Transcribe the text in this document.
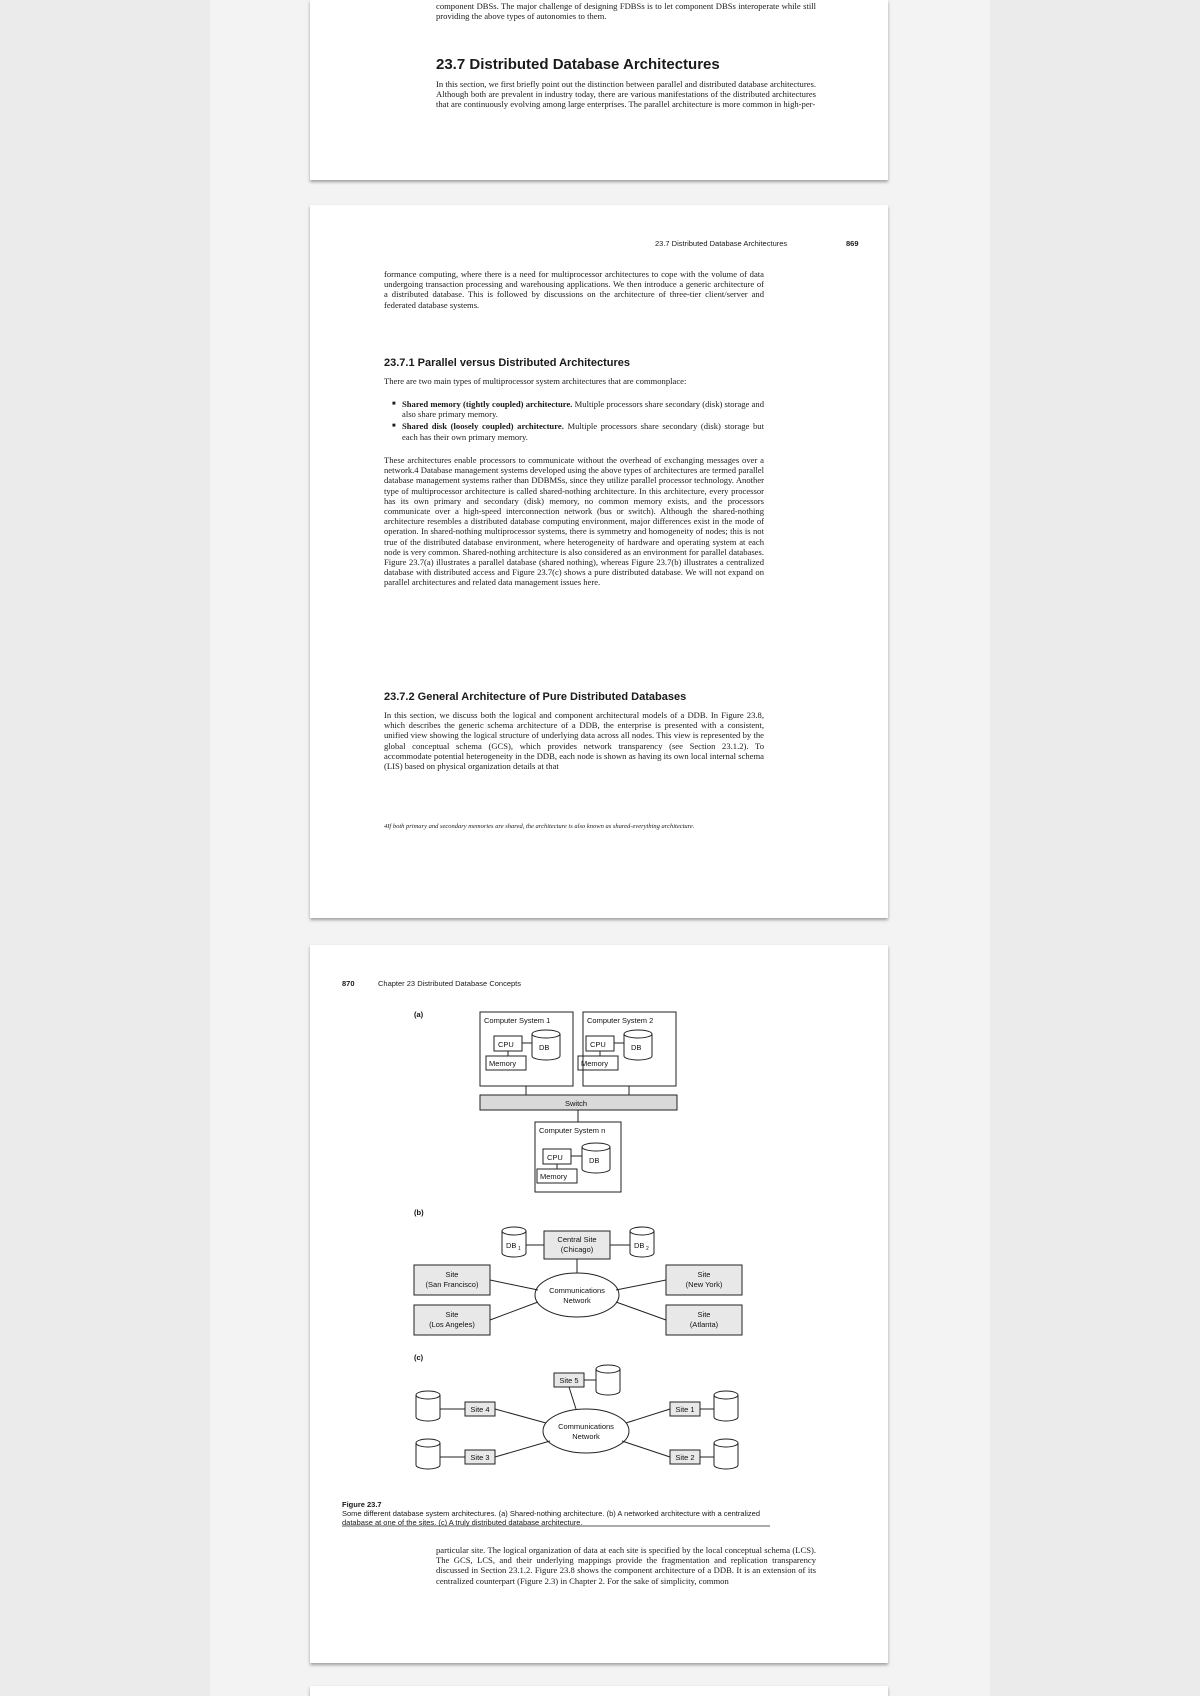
component DBSs. The major challenge of designing FDBSs is to let component DBSs interoperate while still providing the above types of autonomies to them.
23.7 Distributed Database Architectures
In this section, we first briefly point out the distinction between parallel and distributed database architectures. Although both are prevalent in industry today, there are various manifestations of the distributed architectures that are continuously evolving among large enterprises. The parallel architecture is more common in high-per-
23.7 Distributed Database Architectures	869
formance computing, where there is a need for multiprocessor architectures to cope with the volume of data undergoing transaction processing and warehousing applications. We then introduce a generic architecture of a distributed database. This is followed by discussions on the architecture of three-tier client/server and federated database systems.
23.7.1 Parallel versus Distributed Architectures
There are two main types of multiprocessor system architectures that are commonplace:
■ Shared memory (tightly coupled) architecture. Multiple processors share secondary (disk) storage and also share primary memory.
■ Shared disk (loosely coupled) architecture. Multiple processors share secondary (disk) storage but each has their own primary memory.
These architectures enable processors to communicate without the overhead of exchanging messages over a network.4 Database management systems developed using the above types of architectures are termed parallel database management systems rather than DDBMSs, since they utilize parallel processor technology. Another type of multiprocessor architecture is called shared-nothing architecture. In this architecture, every processor has its own primary and secondary (disk) memory, no common memory exists, and the processors communicate over a high-speed interconnection network (bus or switch). Although the shared-nothing architecture resembles a distributed database computing environment, major differences exist in the mode of operation. In shared-nothing multiprocessor systems, there is symmetry and homogeneity of nodes; this is not true of the distributed database environment, where heterogeneity of hardware and operating system at each node is very common. Shared-nothing architecture is also considered as an environment for parallel databases. Figure 23.7(a) illustrates a parallel database (shared nothing), whereas Figure 23.7(b) illustrates a centralized database with distributed access and Figure 23.7(c) shows a pure distributed database. We will not expand on parallel architectures and related data management issues here.
23.7.2 General Architecture of Pure Distributed Databases
In this section, we discuss both the logical and component architectural models of a DDB. In Figure 23.8, which describes the generic schema architecture of a DDB, the enterprise is presented with a consistent, unified view showing the logical structure of underlying data across all nodes. This view is represented by the global conceptual schema (GCS), which provides network transparency (see Section 23.1.2). To accommodate potential heterogeneity in the DDB, each node is shown as having its own local internal schema (LIS) based on physical organization details at that
4If both primary and secondary memories are shared, the architecture is also known as shared-everything architecture.
870	Chapter 23 Distributed Database Concepts
(a)
Computer System 1	Computer System 2
CPU	CPU
DB	DB
Memory	Memory
Switch
Computer System n
CPU	DB
Memory
(b)
Central Site
(Chicago)
DB 1	DB 2
Communications
Network
Site
(San Francisco)
Site
(Los Angeles)
Site
(New York)
Site
(Atlanta)
(c)
Site 5
Site 4
Site 3
Site 1
Site 2
Communications
Network
Figure 23.7
Some different database system architectures. (a) Shared-nothing architecture. (b) A networked architecture with a centralized database at one of the sites. (c) A truly distributed database architecture.
particular site. The logical organization of data at each site is specified by the local conceptual schema (LCS). The GCS, LCS, and their underlying mappings provide the fragmentation and replication transparency discussed in Section 23.1.2. Figure 23.8 shows the component architecture of a DDB. It is an extension of its centralized counterpart (Figure 2.3) in Chapter 2. For the sake of simplicity, common
